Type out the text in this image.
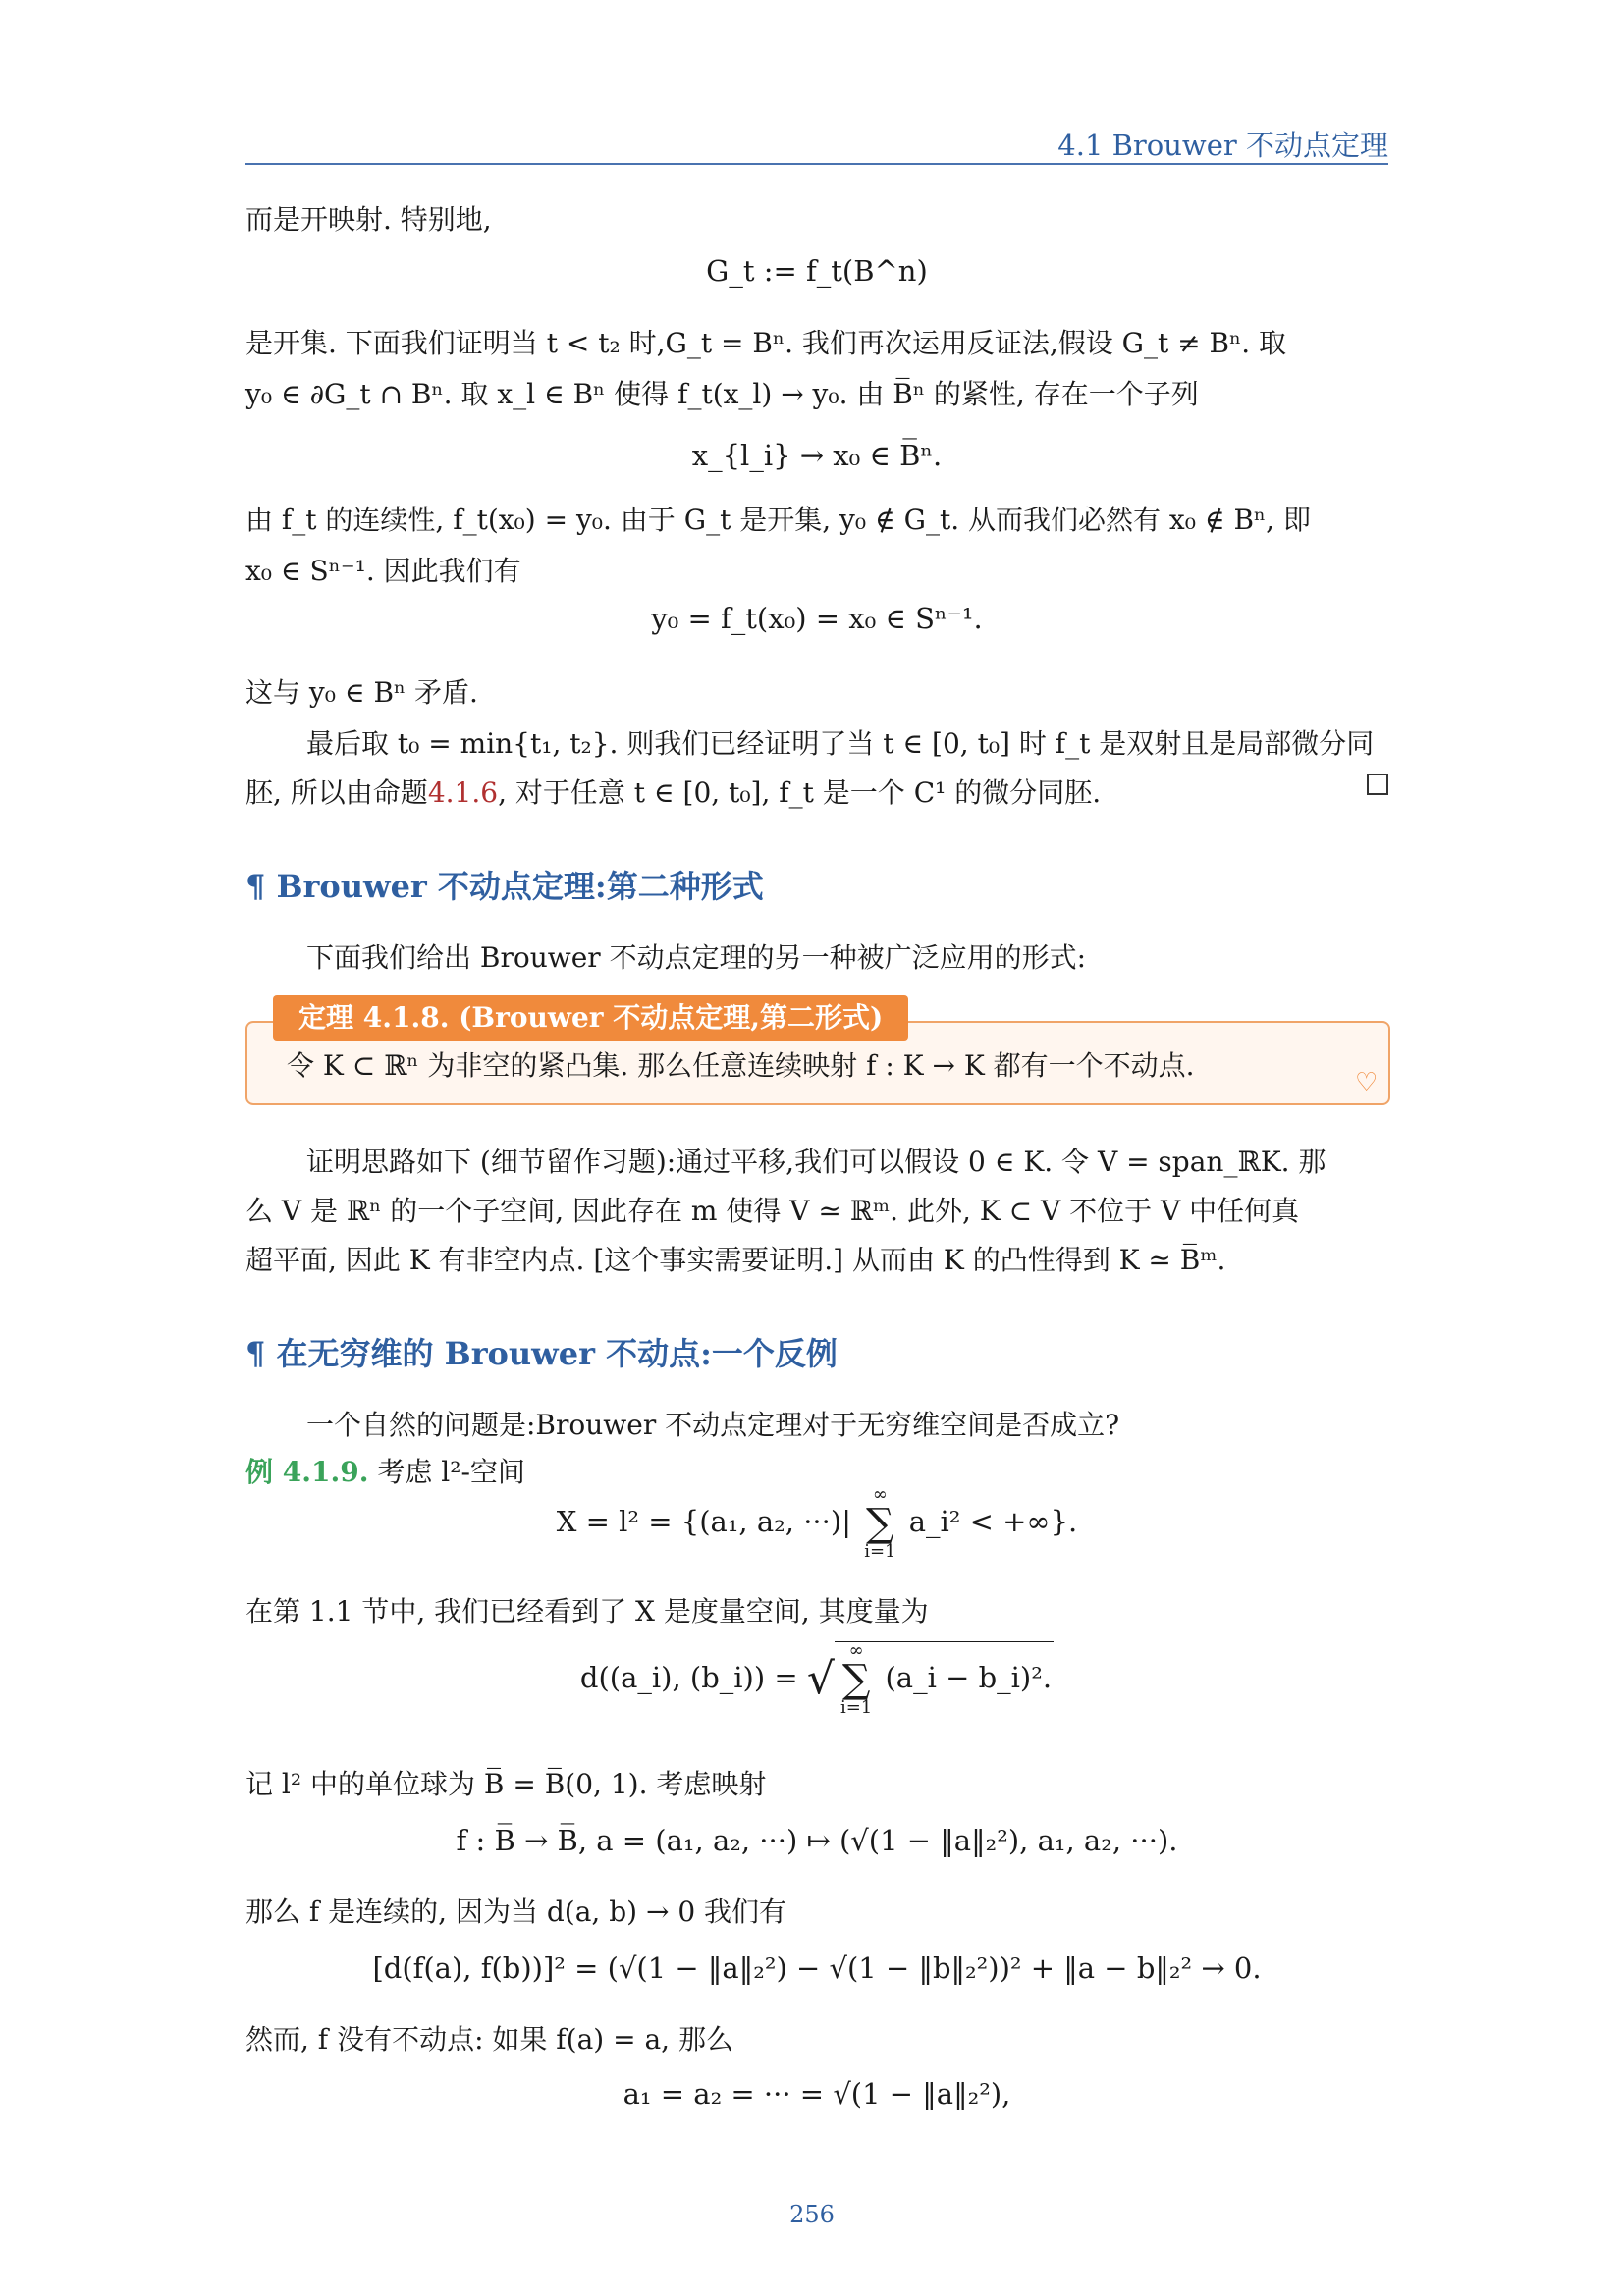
4.1 Brouwer 不动点定理
而是开映射. 特别地,
G_t := f_t(B^n)
是开集. 下面我们证明当 t < t₂ 时,G_t = Bⁿ. 我们再次运用反证法,假设 G_t ≠ Bⁿ. 取
y₀ ∈ ∂G_t ∩ Bⁿ. 取 x_l ∈ Bⁿ 使得 f_t(x_l) → y₀. 由 B̅ⁿ 的紧性, 存在一个子列
x_{l_i} → x₀ ∈ B̅ⁿ.
由 f_t 的连续性, f_t(x₀) = y₀. 由于 G_t 是开集, y₀ ∉ G_t. 从而我们必然有 x₀ ∉ Bⁿ, 即
x₀ ∈ Sⁿ⁻¹. 因此我们有
y₀ = f_t(x₀) = x₀ ∈ Sⁿ⁻¹.
这与 y₀ ∈ Bⁿ 矛盾.
最后取 t₀ = min{t₁, t₂}. 则我们已经证明了当 t ∈ [0, t₀] 时 f_t 是双射且是局部微分同
胚, 所以由命题4.1.6, 对于任意 t ∈ [0, t₀], f_t 是一个 C¹ 的微分同胚.
¶ Brouwer 不动点定理:第二种形式
下面我们给出 Brouwer 不动点定理的另一种被广泛应用的形式:
定理 4.1.8. (Brouwer 不动点定理,第二形式)
令 K ⊂ ℝⁿ 为非空的紧凸集. 那么任意连续映射 f : K → K 都有一个不动点.
♡
证明思路如下 (细节留作习题):通过平移,我们可以假设 0 ∈ K. 令 V = span_ℝK. 那
么 V 是 ℝⁿ 的一个子空间, 因此存在 m 使得 V ≃ ℝᵐ. 此外, K ⊂ V 不位于 V 中任何真
超平面, 因此 K 有非空内点. [这个事实需要证明.] 从而由 K 的凸性得到 K ≃ B̅ᵐ.
¶ 在无穷维的 Brouwer 不动点:一个反例
一个自然的问题是:Brouwer 不动点定理对于无穷维空间是否成立?
例 4.1.9. 考虑 l²-空间
X = l² = {(a₁, a₂, ···)| ∞
∑
i=1 a_i² < +∞}.
在第 1.1 节中, 我们已经看到了 X 是度量空间, 其度量为
d((a_i), (b_i)) = √∞
∑
i=1 (a_i − b_i)².
记 l² 中的单位球为 B̅ = B̅(0, 1). 考虑映射
f : B̅ → B̅, a = (a₁, a₂, ···) ↦ (√(1 − ‖a‖₂²), a₁, a₂, ···).
那么 f 是连续的, 因为当 d(a, b) → 0 我们有
[d(f(a), f(b))]² = (√(1 − ‖a‖₂²) − √(1 − ‖b‖₂²))² + ‖a − b‖₂² → 0.
然而, f 没有不动点: 如果 f(a) = a, 那么
a₁ = a₂ = ··· = √(1 − ‖a‖₂²),
256
